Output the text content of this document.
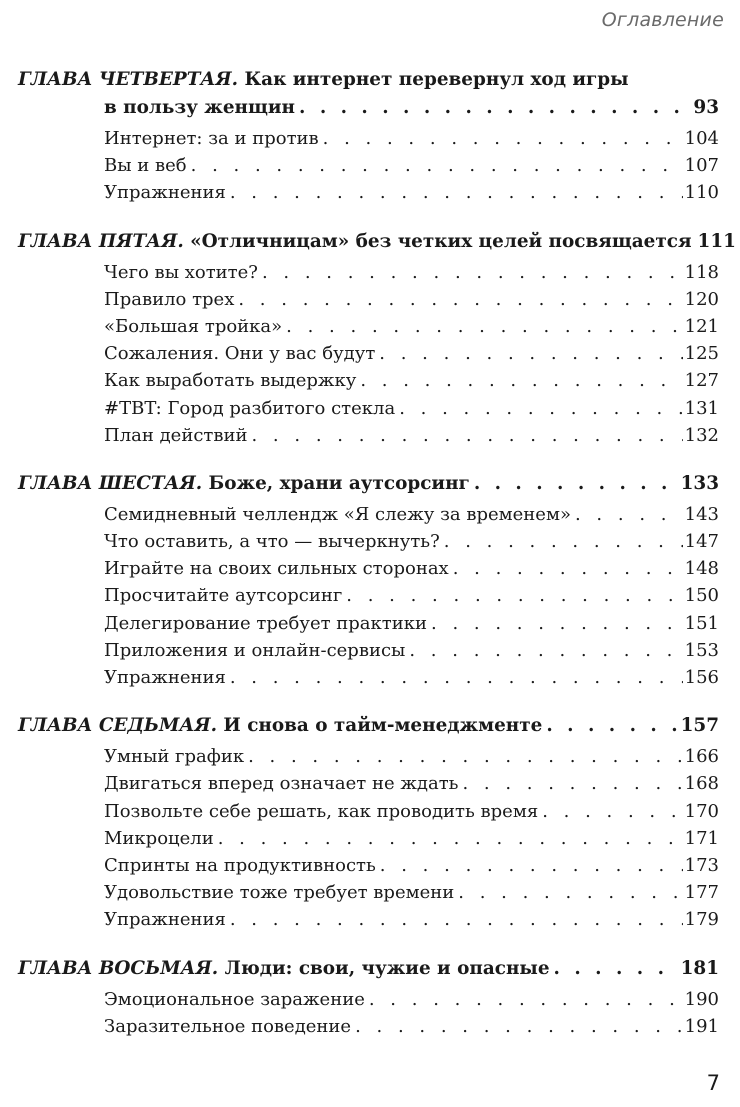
Оглавление
ГЛАВА ЧЕТВЕРТАЯ. Как интернет перевернул ход игры
в пользу женщин . . .	93
Интернет: за и против . . .	104
Вы и веб . . .	107
Упражнения . . .	110
ГЛАВА ПЯТАЯ. «Отличницам» без четких целей посвящается 111
Чего вы хотите? . . .	118
Правило трех . . .	120
«Большая тройка» . . .	121
Сожаления. Они у вас будут . . .	125
Как выработать выдержку . . .	127
#TBT: Город разбитого стекла . . .	131
План действий . . .	132
ГЛАВА ШЕСТАЯ. Боже, храни аутсорсинг . . .	133
Семидневный челлендж «Я слежу за временем» . . .	143
Что оставить, а что — вычеркнуть? . . .	147
Играйте на своих сильных сторонах . . .	148
Просчитайте аутсорсинг . . .	150
Делегирование требует практики . . .	151
Приложения и онлайн-сервисы . . .	153
Упражнения . . .	156
ГЛАВА СЕДЬМАЯ. И снова о тайм-менеджменте . . .	157
Умный график . . .	166
Двигаться вперед означает не ждать . . .	168
Позвольте себе решать, как проводить время . . .	170
Микроцели . . .	171
Спринты на продуктивность . . .	173
Удовольствие тоже требует времени . . .	177
Упражнения . . .	179
ГЛАВА ВОСЬМАЯ. Люди: свои, чужие и опасные . . .	181
Эмоциональное заражение . . .	190
Заразительное поведение . . .	191
7
